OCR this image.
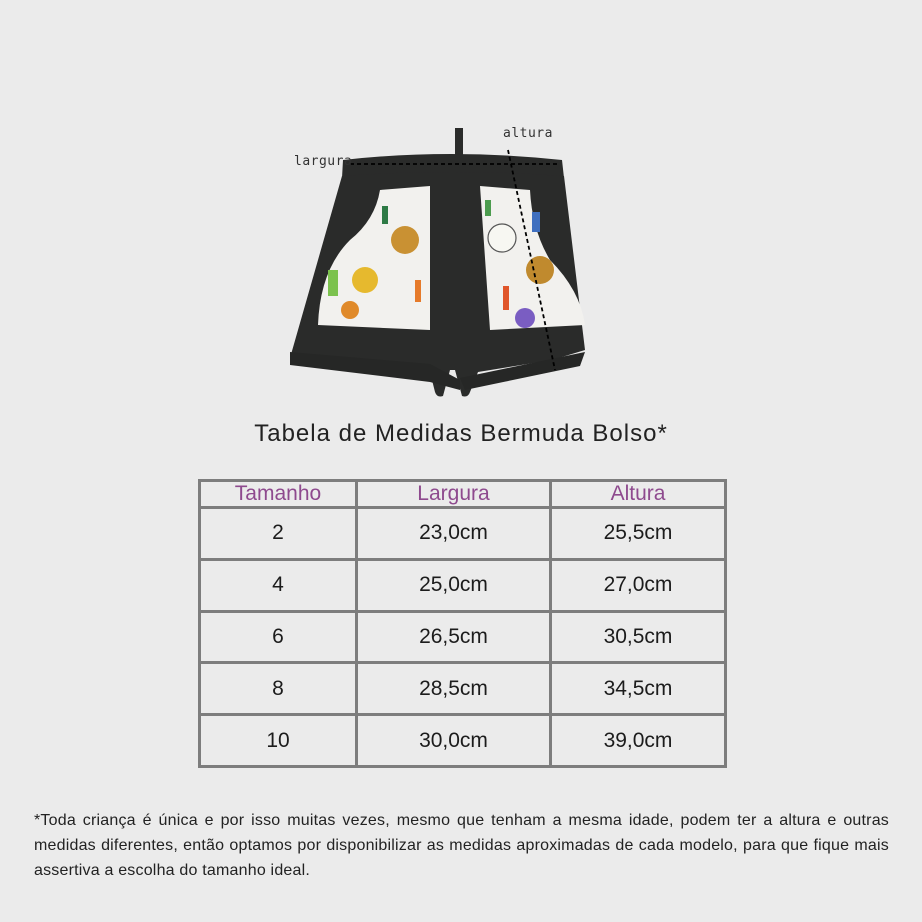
largura
altura
Tabela de Medidas Bermuda Bolso*
Tamanho	Largura	Altura
2	23,0cm	25,5cm
4	25,0cm	27,0cm
6	26,5cm	30,5cm
8	28,5cm	34,5cm
10	30,0cm	39,0cm
*Toda criança é única e por isso muitas vezes, mesmo que tenham a mesma idade, podem ter a altura e outras medidas diferentes, então optamos por disponibilizar as medidas aproximadas de cada modelo, para que fique mais assertiva a escolha do tamanho ideal.
